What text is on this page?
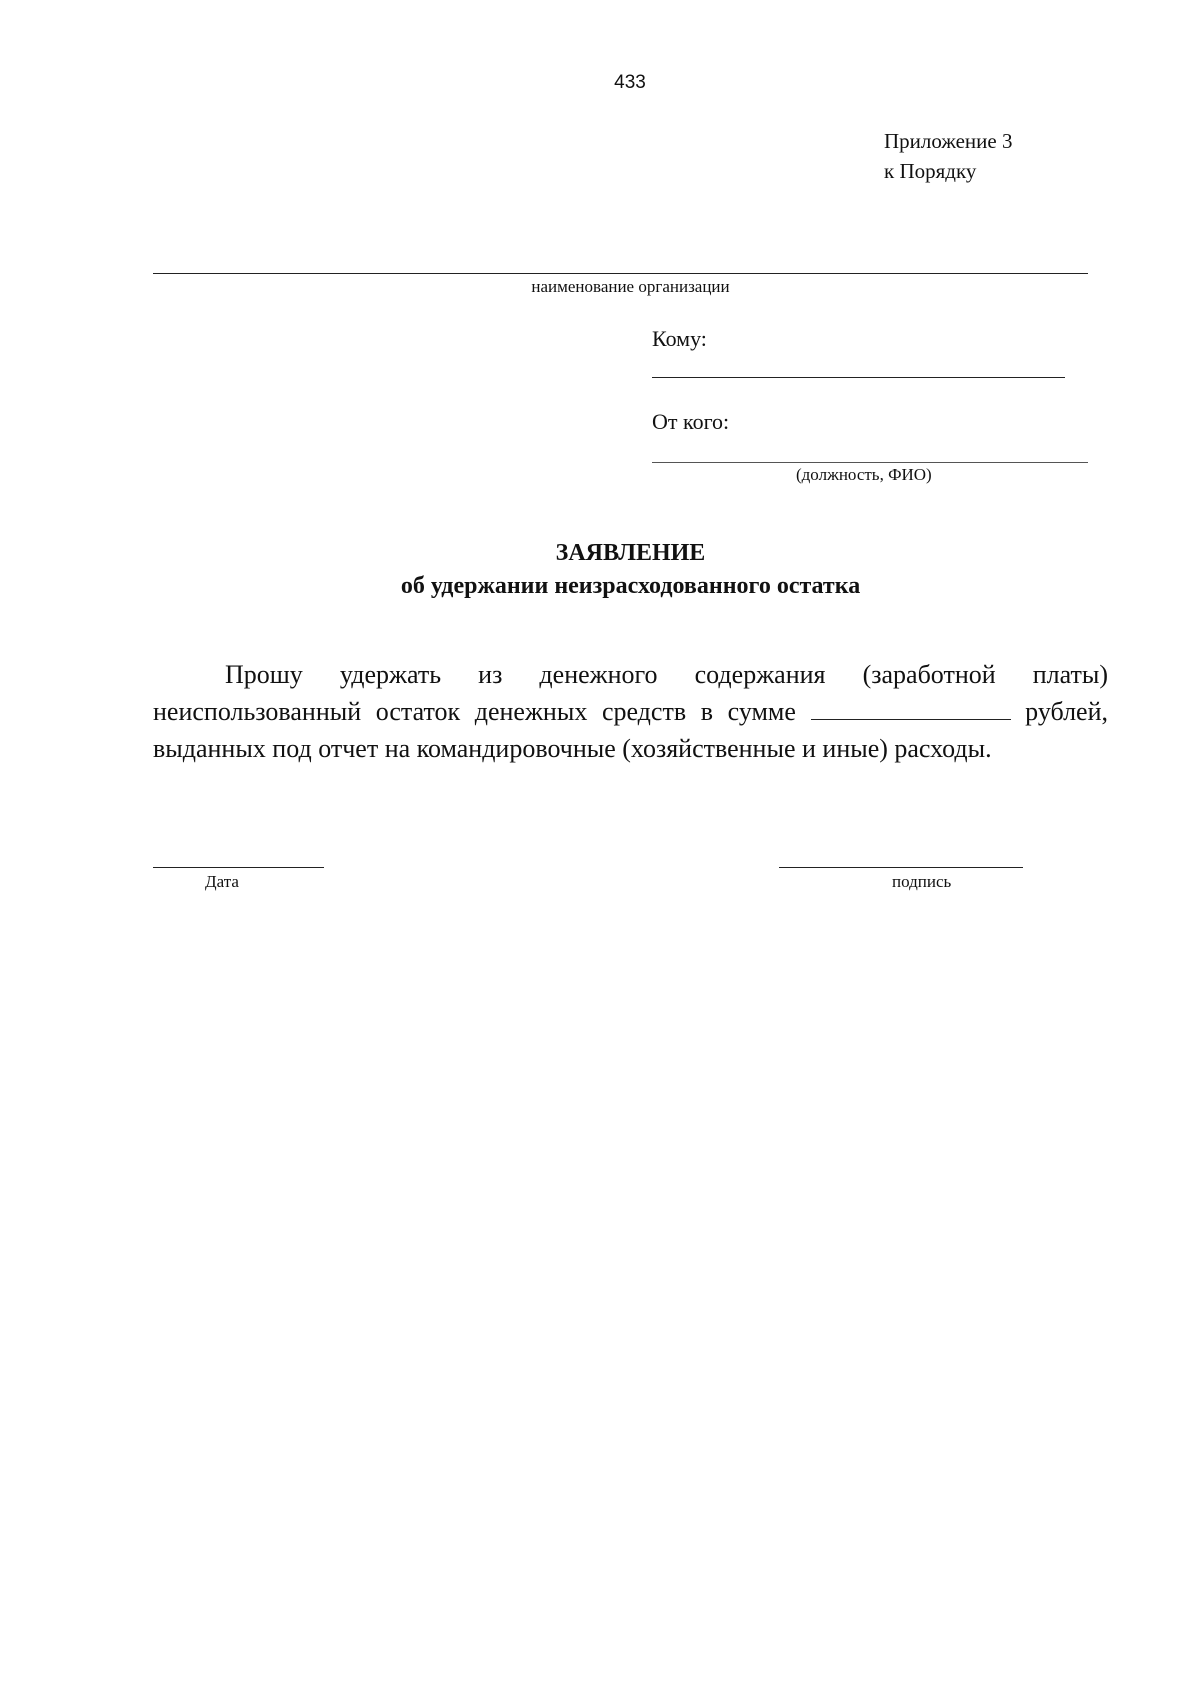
433
Приложение 3
к Порядку
наименование организации
Кому:
От кого:
(должность, ФИО)
ЗАЯВЛЕНИЕ
об удержании неизрасходованного остатка
Прошу удержать из денежного содержания (заработной платы) неиспользованный остаток денежных средств в сумме	рублей, выданных под отчет на командировочные (хозяйственные и иные) расходы.
Дата	подпись
